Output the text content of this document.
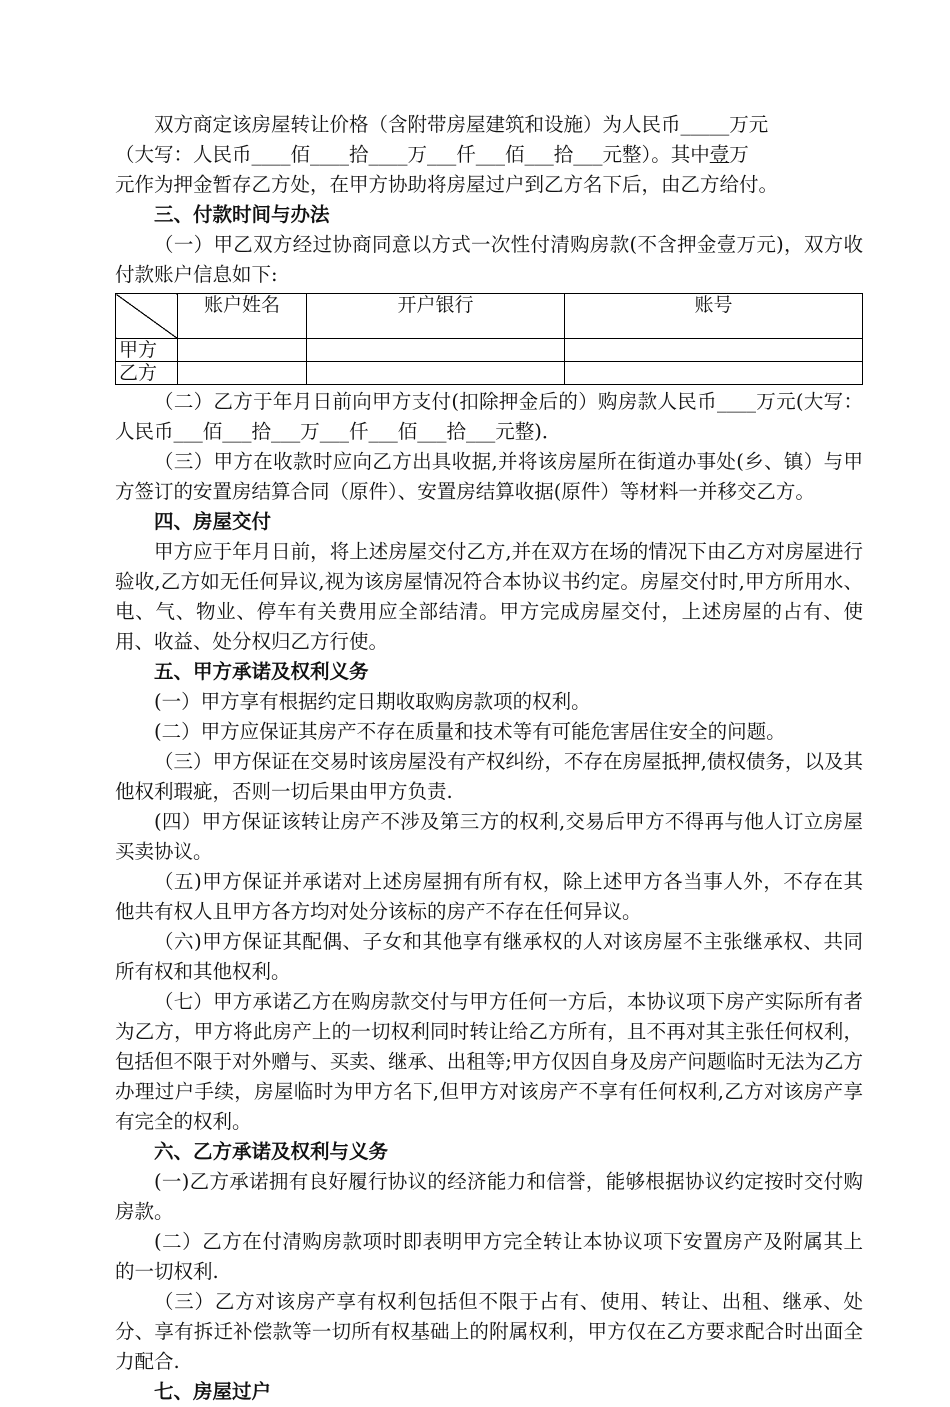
双方商定该房屋转让价格（含附带房屋建筑和设施）为人民币_____万元
（大写：人民币____佰____拾____万___仟___佰___拾___元整）。其中壹万
元作为押金暂存乙方处，在甲方协助将房屋过户到乙方名下后，由乙方给付。

三、付款时间与办法

（一）甲乙双方经过协商同意以方式一次性付清购房款(不含押金壹万元)，双方收付款账户信息如下:

	账户姓名	开户银行	账号
甲方			
乙方			

（二）乙方于年月日前向甲方支付(扣除押金后的）购房款人民币____万元(大写：人民币___佰___拾___万___仟___佰___拾___元整)．

（三）甲方在收款时应向乙方出具收据,并将该房屋所在街道办事处(乡、镇）与甲方签订的安置房结算合同（原件）、安置房结算收据(原件）等材料一并移交乙方。

四、房屋交付

甲方应于年月日前，将上述房屋交付乙方,并在双方在场的情况下由乙方对房屋进行验收,乙方如无任何异议,视为该房屋情况符合本协议书约定。房屋交付时,甲方所用水、电、气、物业、停车有关费用应全部结清。甲方完成房屋交付，上述房屋的占有、使用、收益、处分权归乙方行使。

五、甲方承诺及权利义务

(一）甲方享有根据约定日期收取购房款项的权利。

(二）甲方应保证其房产不存在质量和技术等有可能危害居住安全的问题。

（三）甲方保证在交易时该房屋没有产权纠纷，不存在房屋抵押,债权债务，以及其他权利瑕疵，否则一切后果由甲方负责.

(四）甲方保证该转让房产不涉及第三方的权利,交易后甲方不得再与他人订立房屋买卖协议。

（五)甲方保证并承诺对上述房屋拥有所有权，除上述甲方各当事人外，不存在其他共有权人且甲方各方均对处分该标的房产不存在任何异议。

（六)甲方保证其配偶、子女和其他享有继承权的人对该房屋不主张继承权、共同所有权和其他权利。

（七）甲方承诺乙方在购房款交付与甲方任何一方后，本协议项下房产实际所有者为乙方，甲方将此房产上的一切权利同时转让给乙方所有，且不再对其主张任何权利，包括但不限于对外赠与、买卖、继承、出租等;甲方仅因自身及房产问题临时无法为乙方办理过户手续，房屋临时为甲方名下,但甲方对该房产不享有任何权利,乙方对该房产享有完全的权利。

六、乙方承诺及权利与义务

(一)乙方承诺拥有良好履行协议的经济能力和信誉，能够根据协议约定按时交付购房款。

(二）乙方在付清购房款项时即表明甲方完全转让本协议项下安置房产及附属其上的一切权利.

（三）乙方对该房产享有权利包括但不限于占有、使用、转让、出租、继承、处分、享有拆迁补偿款等一切所有权基础上的附属权利，甲方仅在乙方要求配合时出面全力配合.

七、房屋过户
